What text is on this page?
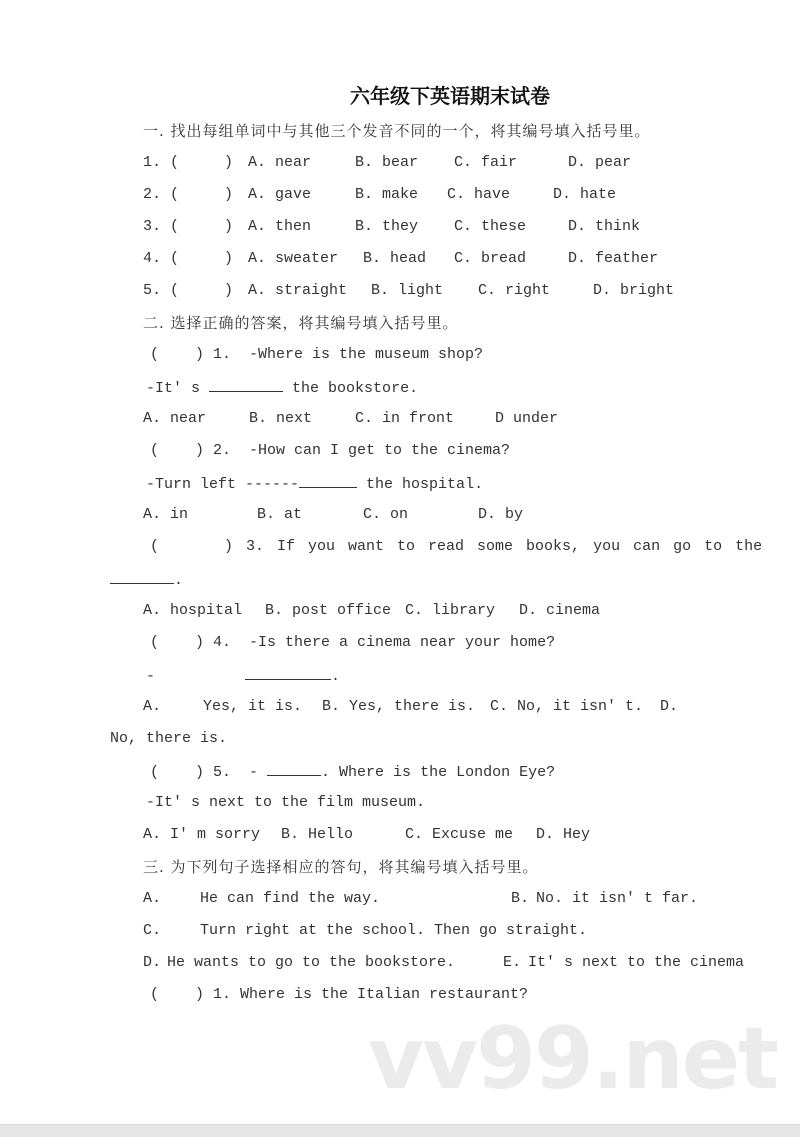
六年级下英语期末试卷
一. 找出每组单词中与其他三个发音不同的一个，将其编号填入括号里。
1. (     ) A. near	B. bear C. fair	D. pear
2. (     ) A. gave	B. make C. have	D. hate
3. (     ) A. then	B. they C. these	D. think
4. (     ) A. sweater B. head C. bread	D. feather
5. (     ) A. straight B. light C. right	D. bright
二. 选择正确的答案，将其编号填入括号里。
(    ) 1.  -Where is the museum shop?
-It' s	the bookstore.
A. near	B. next	C. in front	D under
(    ) 2.  -How can I get to the cinema?
-Turn left ------	the hospital.
A. in	B. at	C. on	D. by
(     ) 3. If you want to read some books, you can go to the
.
A. hospital B. post office C. library D. cinema
(    ) 4.  -Is there a cinema near your home?
-	.
A.	Yes, it is. B. Yes, there is. C. No, it isn' t. D.
No, there is.
(    ) 5.  -	. Where is the London Eye?
-It' s next to the film museum.
A. I' m sorry B. Hello	C. Excuse me D. Hey
三. 为下列句子选择相应的答句，将其编号填入括号里。
A.	He can find the way.	B. No. it isn' t far.
C.	Turn right at the school. Then go straight.
D. He wants to go to the bookstore.	E. It' s next to the cinema
(    ) 1. Where is the Italian restaurant?
vv99.net
